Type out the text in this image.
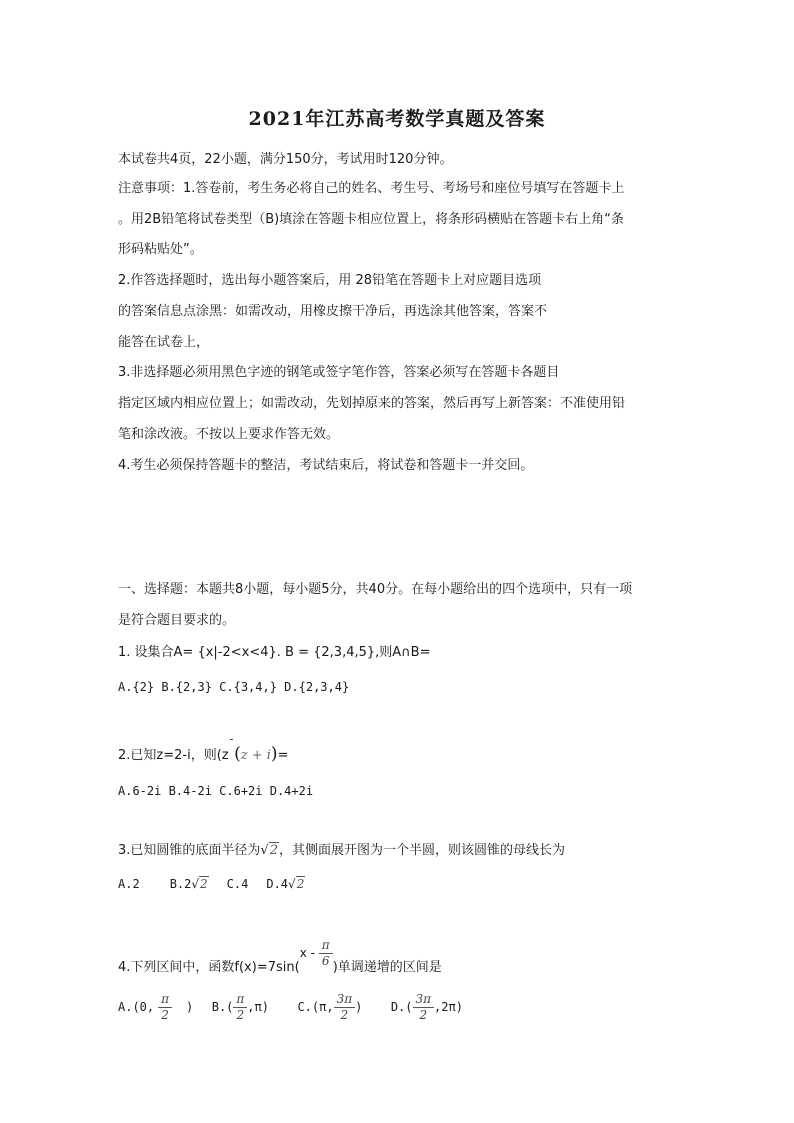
2021年江苏高考数学真题及答案
本试卷共4页，22小题，满分150分，考试用时120分钟。
注意事项：1.答卷前，考生务必将自己的姓名、考生号、考场号和座位号填写在答题卡上
。用2B铅笔将试卷类型（B)填涂在答题卡相应位置上，将条形码横贴在答题卡右上角“条
形码粘贴处”。
2.作答选择题时，选出每小题答案后，用 28铅笔在答题卡上对应题目选项
的答案信息点涂黑：如需改动，用橡皮擦干净后，再选涂其他答案，答案不
能答在试卷上，
3.非选择题必须用黑色字迹的钢笔或签字笔作答，答案必须写在答题卡各题目
指定区域内相应位置上；如需改动，先划掉原来的答案，然后再写上新答案：不准使用铅
笔和涂改液。不按以上要求作答无效。
4.考生必须保持答题卡的整洁，考试结束后，将试卷和答题卡一并交回。
一、选择题：本题共8小题，每小题5分，共40分。在每小题给出的四个选项中，只有一项
是符合题目要求的。
1. 设集合A= {x|-2<x<4}. B = {2,3,4,5},则A∩B=
A.{2} B.{2,3} C.{3,4,} D.{2,3,4}
2.已知z=2-i，则(z¯(z + i)=
A.6-2i B.4-2i C.6+2i D.4+2i
3.已知圆锥的底面半径为√2，其侧面展开图为一个半圆，则该圆锥的母线长为
A.2	B.2√2 C.4 D.4√2
4.下列区间中，函数$f(x)=7\sin(x - \frac{\pi}{6}$ )单调递增的区间是
A.(0, $\frac{\pi}{2}$ ) $B.( \frac{\pi}{2} ,\pi)$ C.(π, $\frac{3\pi}{2}$ ) $D.( \frac{3\pi}{2} ,2\pi)$
